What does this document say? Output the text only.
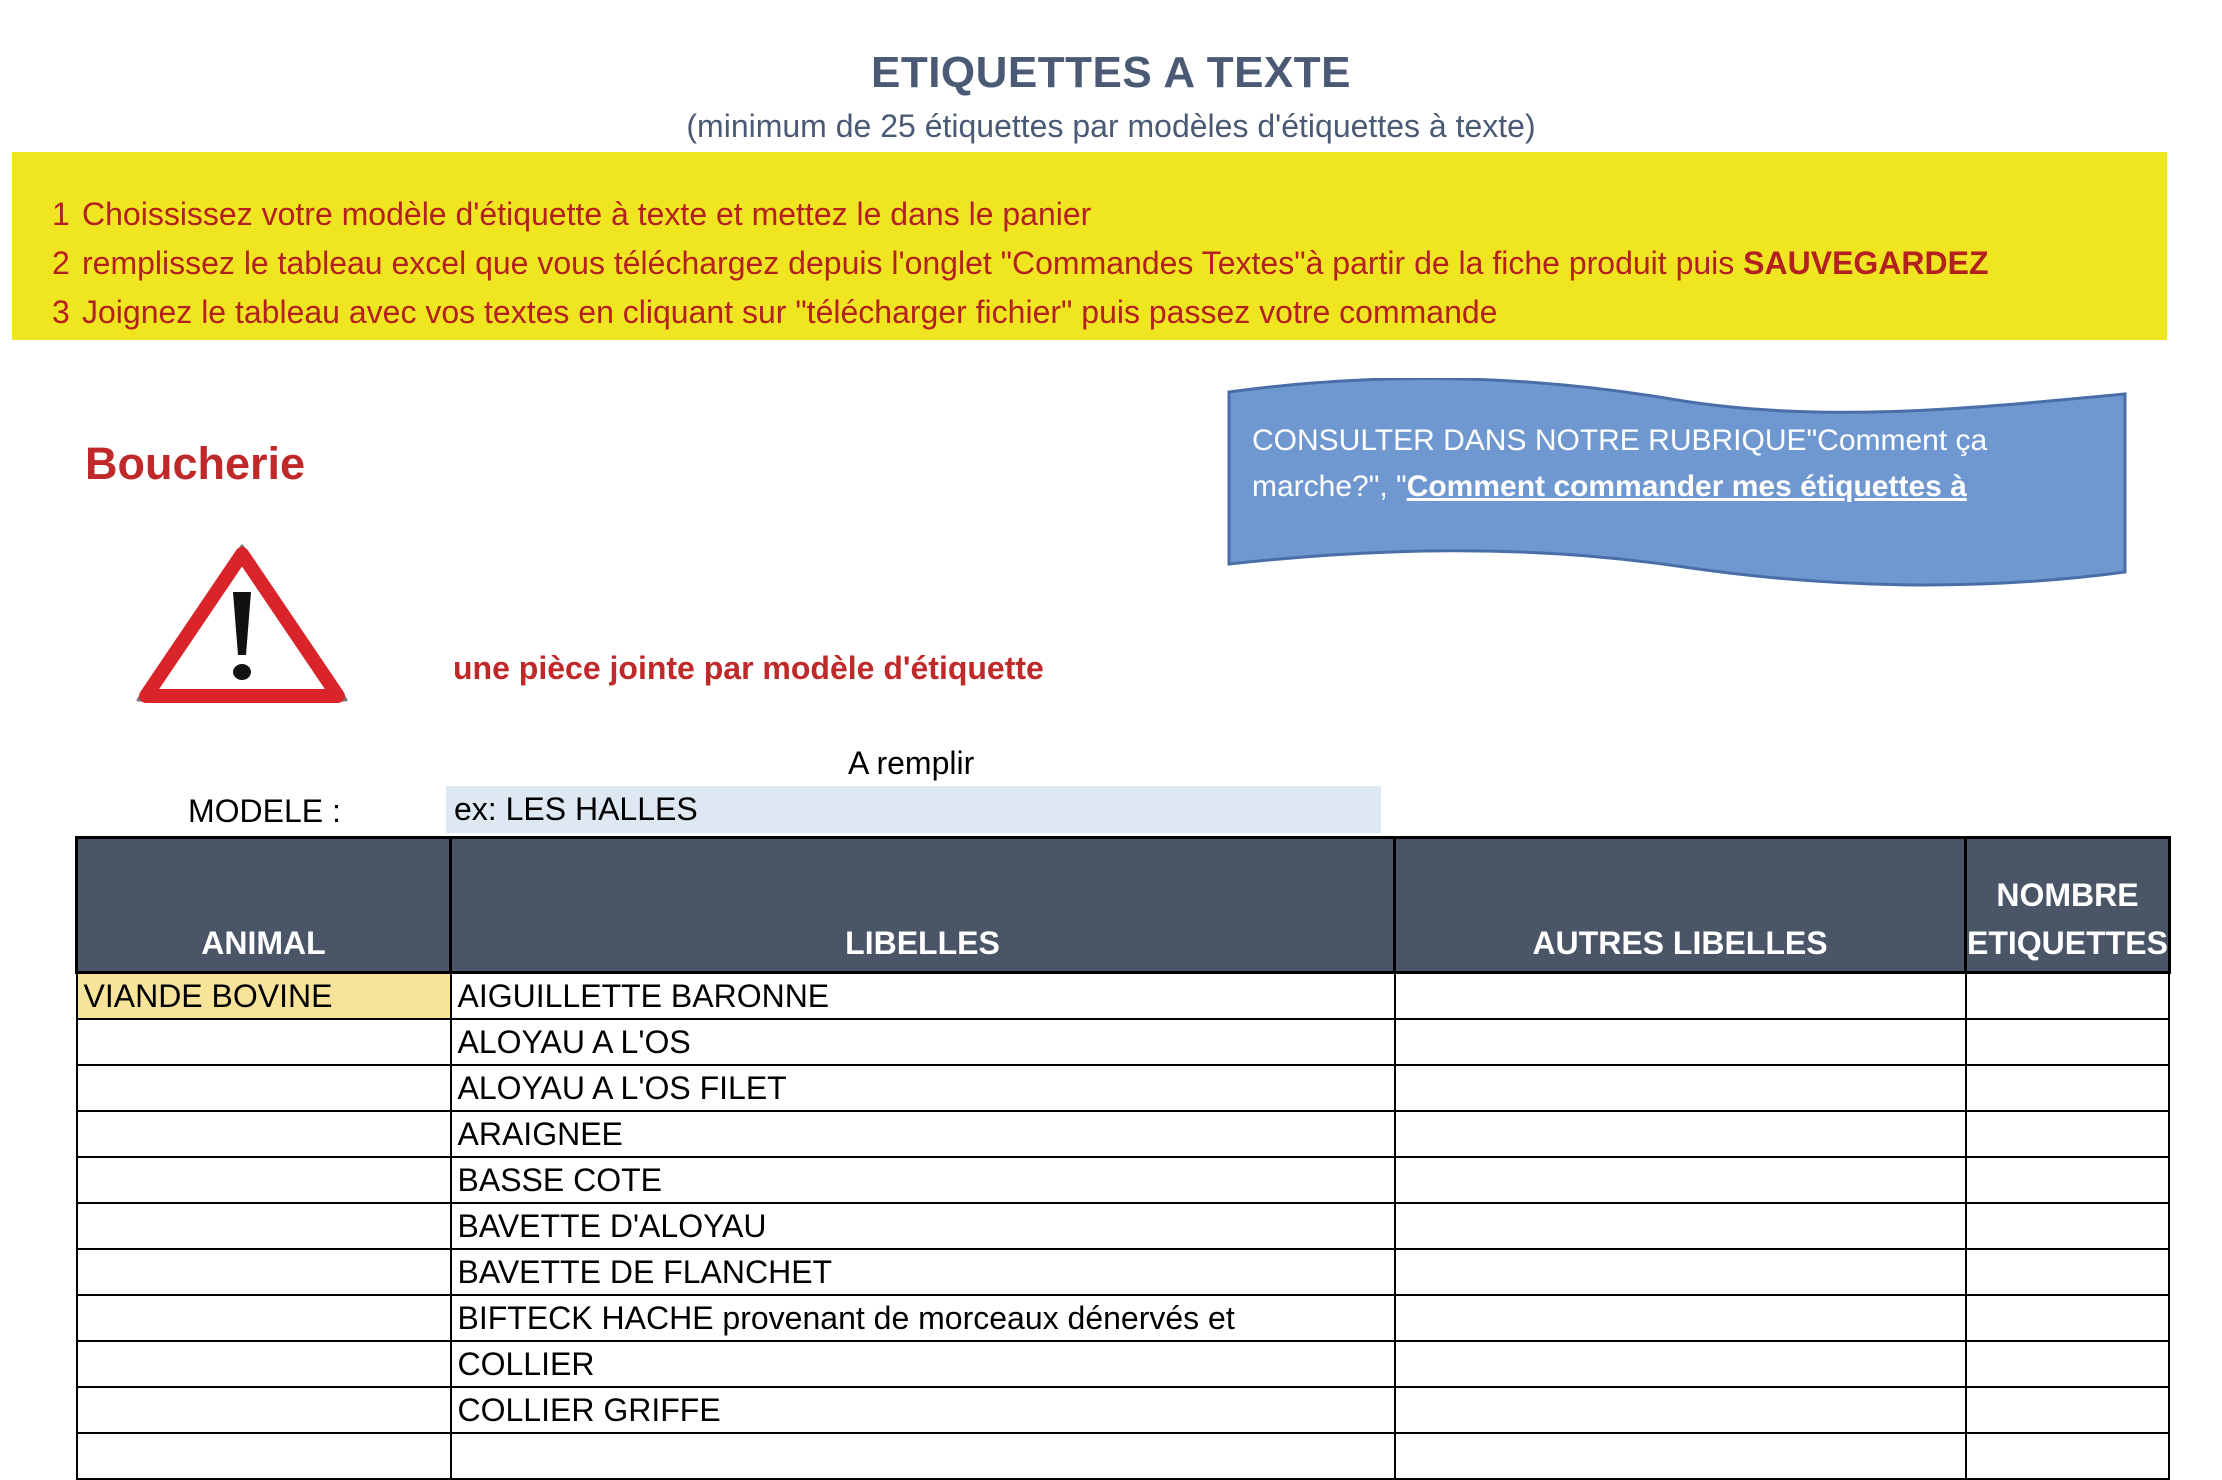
ETIQUETTES A TEXTE
(minimum de 25 étiquettes par modèles d'étiquettes à texte)
1 Choississez votre modèle d'étiquette à texte et mettez le dans le panier
2 remplissez le tableau excel que vous téléchargez depuis l'onglet "Commandes Textes"à partir de la fiche produit puis SAUVEGARDEZ
3 Joignez le tableau avec vos textes en cliquant sur "télécharger fichier" puis passez votre commande
Boucherie	CONSULTER DANS NOTRE RUBRIQUE"Comment ça marche?", "Comment commander mes étiquettes à
une pièce jointe par modèle d'étiquette
A remplir
MODELE :	ex: LES HALLES
ANIMAL	LIBELLES	AUTRES LIBELLES	NOMBRE ETIQUETTES
VIANDE BOVINE	AIGUILLETTE BARONNE		
	ALOYAU A L'OS		
	ALOYAU A L'OS FILET		
	ARAIGNEE		
	BASSE COTE		
	BAVETTE D'ALOYAU		
	BAVETTE DE FLANCHET		
	BIFTECK HACHE provenant de morceaux dénervés et		
	COLLIER		
	COLLIER GRIFFE		
